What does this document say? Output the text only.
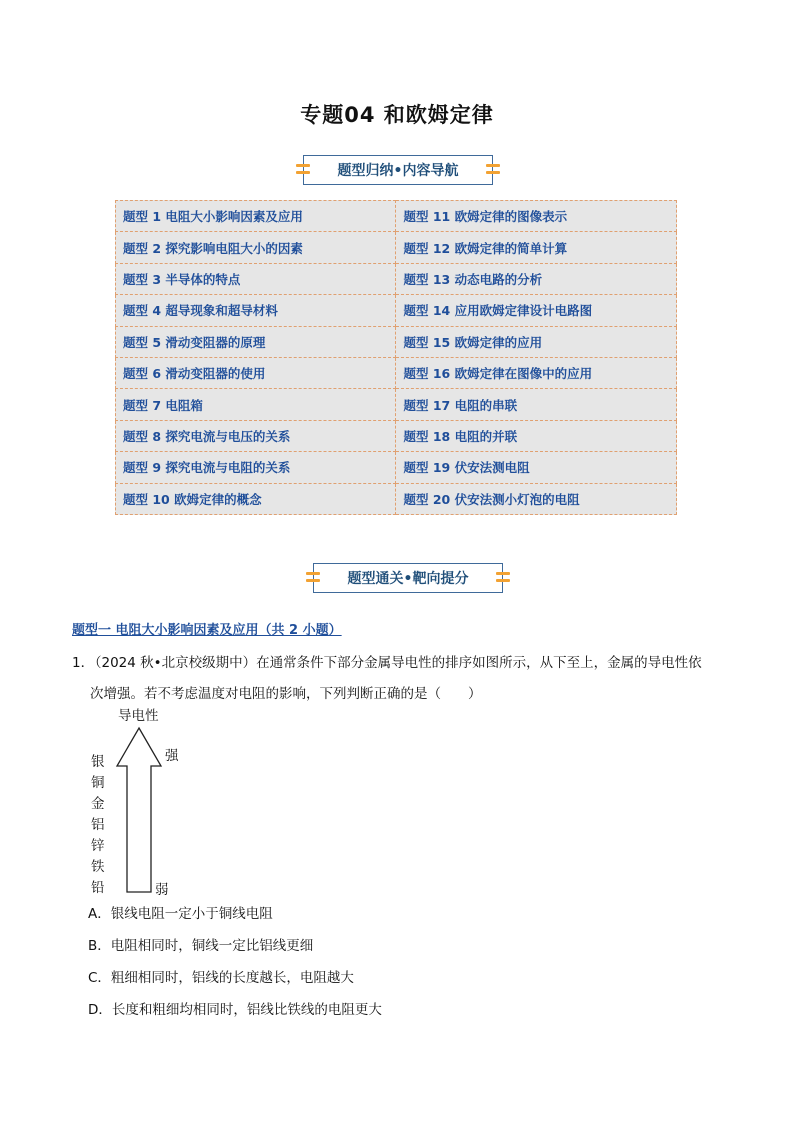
专题04 和欧姆定律
题型归纳•内容导航
题型 1 电阻大小影响因素及应用	题型 11 欧姆定律的图像表示
题型 2 探究影响电阻大小的因素	题型 12 欧姆定律的简单计算
题型 3 半导体的特点	题型 13 动态电路的分析
题型 4 超导现象和超导材料	题型 14 应用欧姆定律设计电路图
题型 5 滑动变阻器的原理	题型 15 欧姆定律的应用
题型 6 滑动变阻器的使用	题型 16 欧姆定律在图像中的应用
题型 7 电阻箱	题型 17 电阻的串联
题型 8 探究电流与电压的关系	题型 18 电阻的并联
题型 9 探究电流与电阻的关系	题型 19 伏安法测电阻
题型 10 欧姆定律的概念	题型 20 伏安法测小灯泡的电阻
题型通关•靶向提分
题型一 电阻大小影响因素及应用（共 2 小题）
1．（2024 秋•北京校级期中）在通常条件下部分金属导电性的排序如图所示，从下至上，金属的导电性依
次增强。若不考虑温度对电阻的影响，下列判断正确的是（　　）
导电性
强
弱
银
铜
金
铝
锌
铁
铅
A．银线电阻一定小于铜线电阻
B．电阻相同时，铜线一定比铝线更细
C．粗细相同时，铝线的长度越长，电阻越大
D．长度和粗细均相同时，铝线比铁线的电阻更大
